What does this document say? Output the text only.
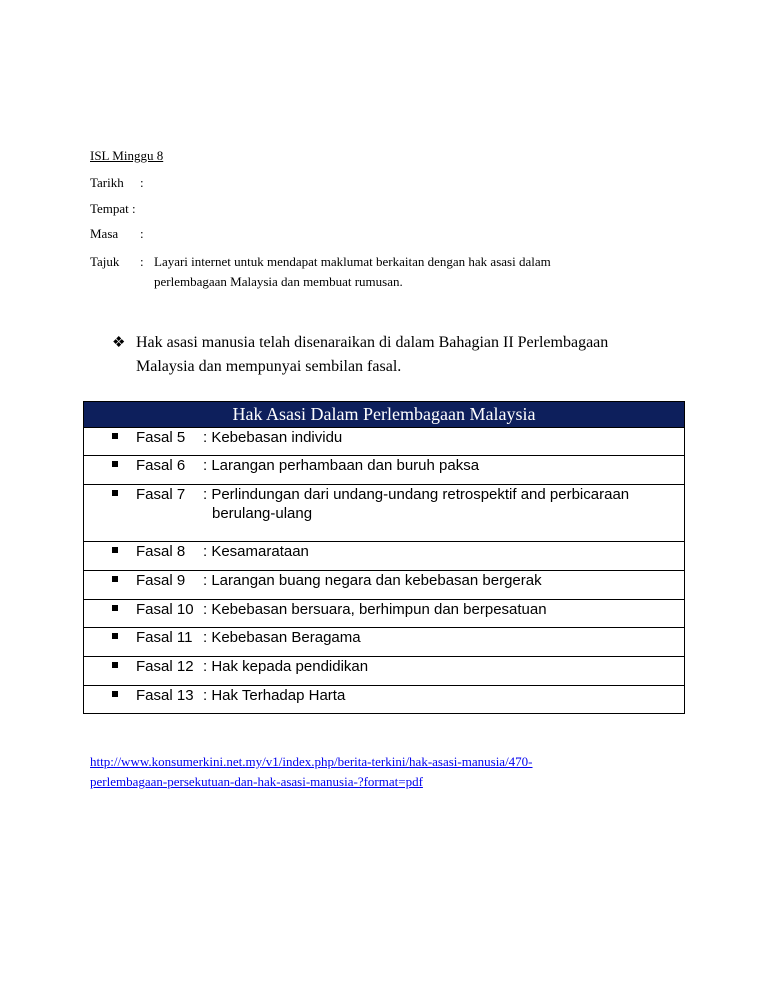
ISL Minggu 8
Tarikh :
Tempat :
Masa :
Tajuk : Layari internet untuk mendapat maklumat berkaitan dengan hak asasi dalam
perlembagaan Malaysia dan membuat rumusan.
❖ Hak asasi manusia telah disenaraikan di dalam Bahagian II Perlembagaan
Malaysia dan mempunyai sembilan fasal.
Hak Asasi Dalam Perlembagaan Malaysia
Fasal 5 : Kebebasan individu
Fasal 6 : Larangan perhambaan dan buruh paksa
Fasal 7 : Perlindungan dari undang-undang retrospektif and perbicaraan
berulang-ulang
Fasal 8 : Kesamarataan
Fasal 9 : Larangan buang negara dan kebebasan bergerak
Fasal 10 : Kebebasan bersuara, berhimpun dan berpesatuan
Fasal 11 : Kebebasan Beragama
Fasal 12 : Hak kepada pendidikan
Fasal 13 : Hak Terhadap Harta
http://www.konsumerkini.net.my/v1/index.php/berita-terkini/hak-asasi-manusia/470-
perlembagaan-persekutuan-dan-hak-asasi-manusia-?format=pdf
